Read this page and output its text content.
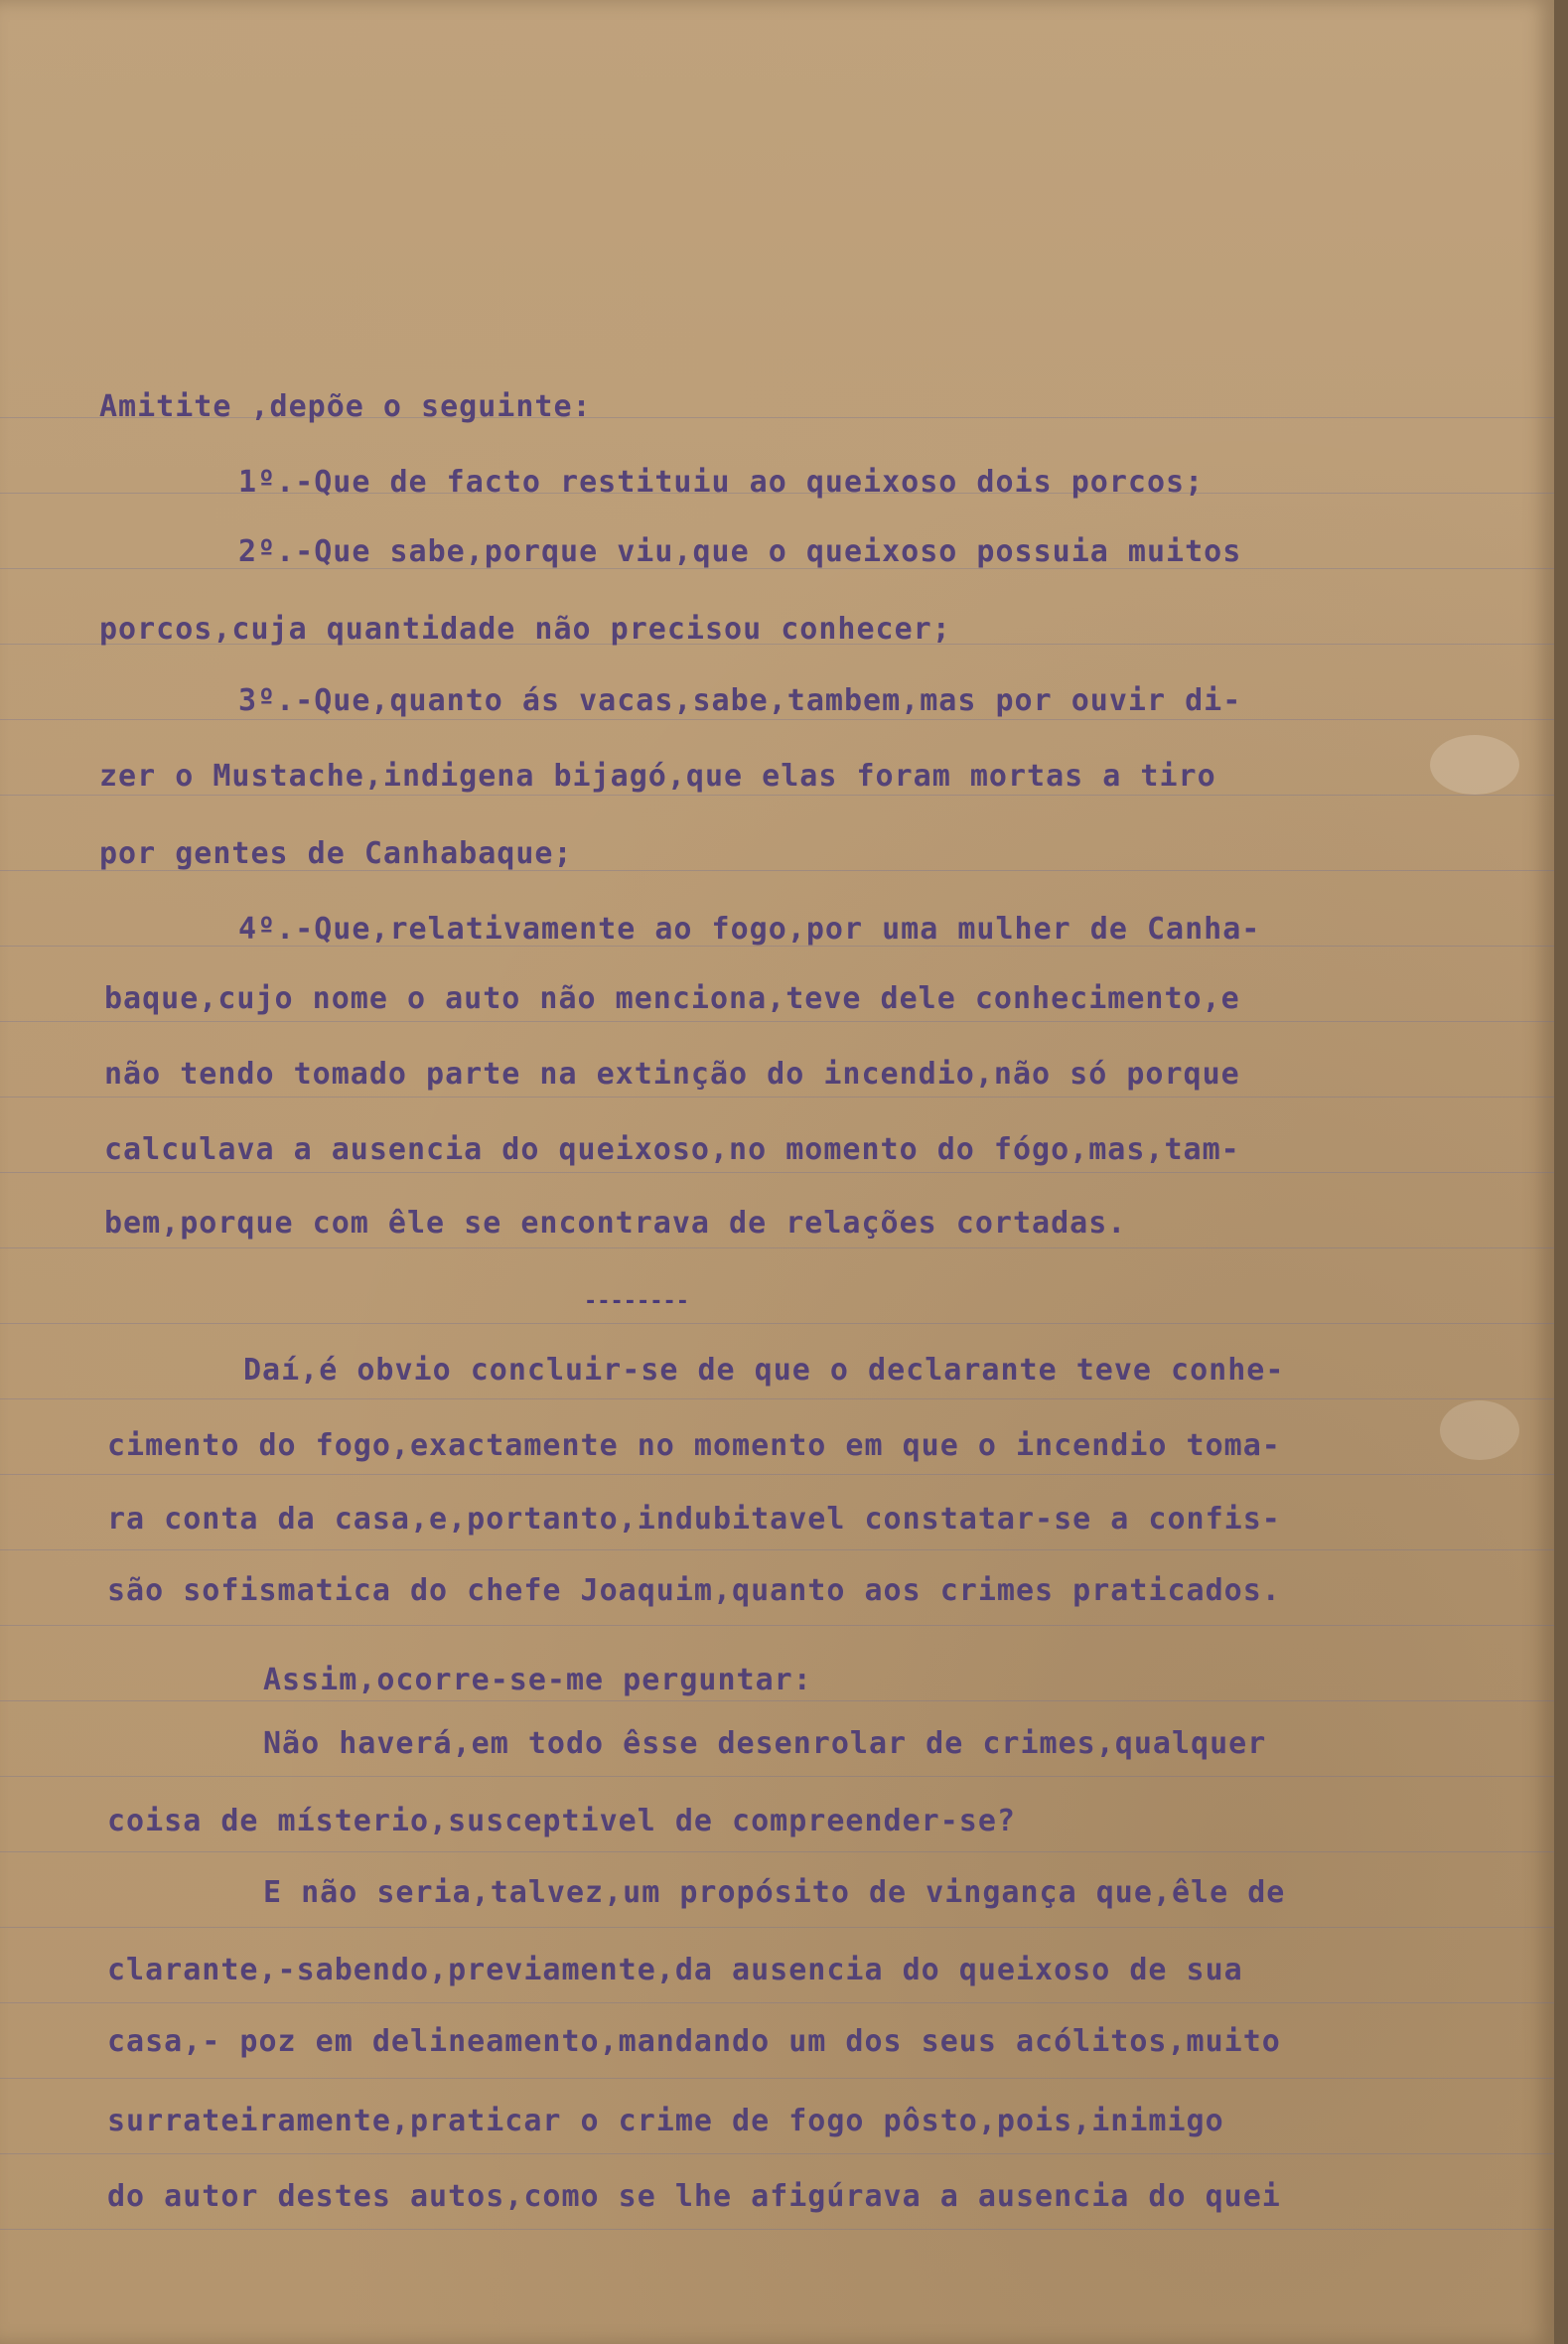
Amitite ,depõe o seguinte:
1º.-Que de facto restituiu ao queixoso dois porcos;
2º.-Que sabe,porque viu,que o queixoso possuia muitos
porcos,cuja quantidade não precisou conhecer;
3º.-Que,quanto ás vacas,sabe,tambem,mas por ouvir di-
zer o Mustache,indigena bijagó,que elas foram mortas a tiro
por gentes de Canhabaque;
4º.-Que,relativamente ao fogo,por uma mulher de Canha-
baque,cujo nome o auto não menciona,teve dele conhecimento,e
não tendo tomado parte na extinção do incendio,não só porque
calculava a ausencia do queixoso,no momento do fógo,mas,tam-
bem,porque com êle se encontrava de relações cortadas.
--------
Daí,é obvio concluir-se de que o declarante teve conhe-
cimento do fogo,exactamente no momento em que o incendio toma-
ra conta da casa,e,portanto,indubitavel constatar-se a confis-
são sofismatica do chefe Joaquim,quanto aos crimes praticados.
Assim,ocorre-se-me perguntar:
Não haverá,em todo êsse desenrolar de crimes,qualquer
coisa de místerio,susceptivel de compreender-se?
E não seria,talvez,um propósito de vingança que,êle de
clarante,-sabendo,previamente,da ausencia do queixoso de sua
casa,- poz em delineamento,mandando um dos seus acólitos,muito
surrateiramente,praticar o crime de fogo pôsto,pois,inimigo
do autor destes autos,como se lhe afigúrava a ausencia do quei
